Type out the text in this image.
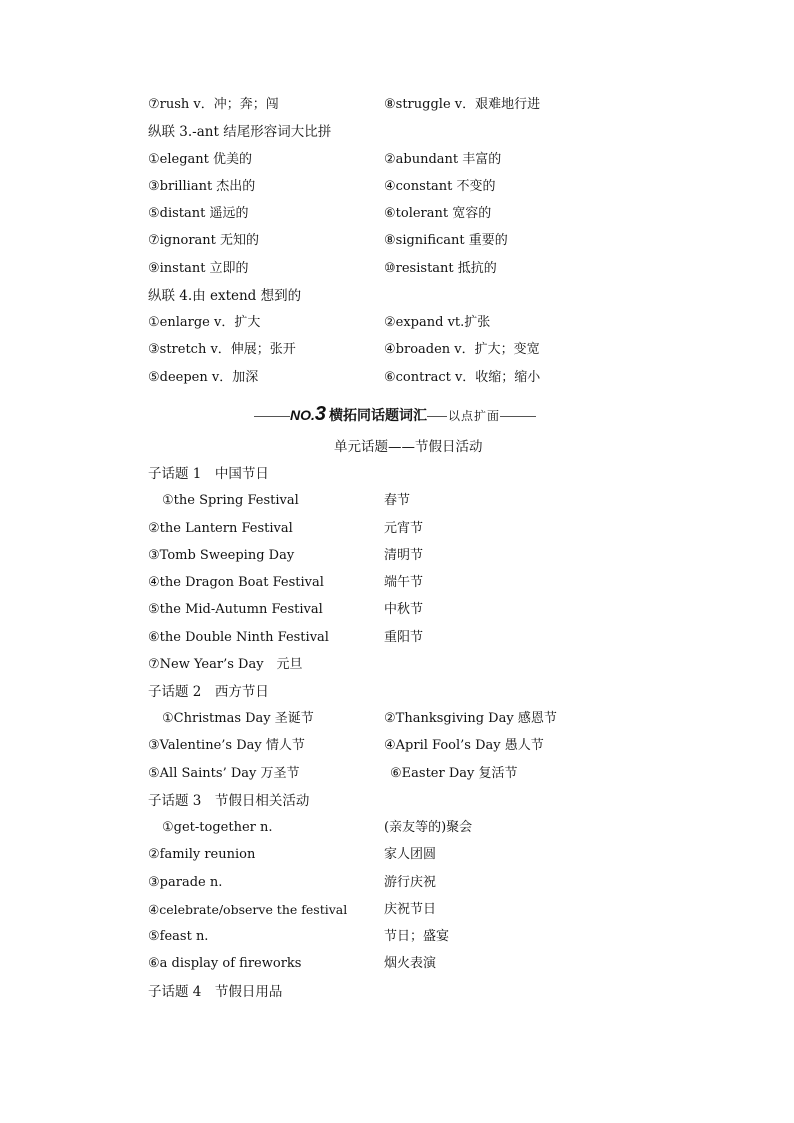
⑦rush v．冲；奔；闯	⑧struggle v．艰难地行进
纵联 3.-ant 结尾形容词大比拼
①elegant 优美的	②abundant 丰富的
③brilliant 杰出的	④constant 不变的
⑤distant 遥远的	⑥tolerant 宽容的
⑦ignorant 无知的	⑧significant 重要的
⑨instant 立即的	⑩resistant 抵抗的
纵联 4.由 extend 想到的
①enlarge v．扩大	②expand vt.扩张
③stretch v．伸展；张开	④broaden v．扩大；变宽
⑤deepen v．加深	⑥contract v．收缩；缩小
NO.3 横拓同话题词汇 以点扩面
单元话题——节假日活动
子话题 1　中国节日
①the Spring Festival	春节
②the Lantern Festival	元宵节
③Tomb Sweeping Day	清明节
④the Dragon Boat Festival	端午节
⑤the Mid-Autumn Festival	中秋节
⑥the Double Ninth Festival	重阳节
⑦New Year’s Day　元旦
子话题 2　西方节日
①Christmas Day 圣诞节	②Thanksgiving Day 感恩节
③Valentine’s Day 情人节	④April Fool’s Day 愚人节
⑤All Saints’ Day 万圣节	⑥Easter Day 复活节
子话题 3　节假日相关活动
①get-together n.	(亲友等的)聚会
②family reunion	家人团圆
③parade n.	游行庆祝
④celebrate/observe the festival	庆祝节日
⑤feast n.	节日；盛宴
⑥a display of fireworks	烟火表演
子话题 4　节假日用品
